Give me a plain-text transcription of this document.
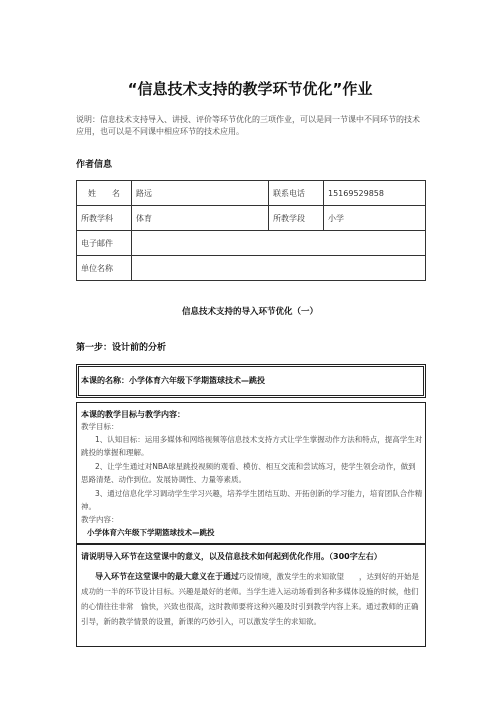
“信息技术支持的教学环节优化”作业
说明：信息技术支持导入、讲授、评价等环节优化的三项作业，可以是同一节课中不同环节的技术应用，也可以是不同课中相应环节的技术应用。
作者信息
姓　　名	路远	联系电话	15169529858
所教学科	体育	所教学段	小学
电子邮件			
单位名称			
信息技术支持的导入环节优化（一）
第一步：设计前的分析
本课的名称：小学体育六年级下学期篮球技术—跳投
本课的教学目标与教学内容：
教学目标：
1、认知目标：运用多媒体和网络视频等信息技术支持方式让学生掌握动作方法和特点，提高学生对跳投的掌握和理解。
2、让学生通过对NBA球星跳投视频的观看、模仿、相互交流和尝试练习，使学生领会动作，做到思路清楚、动作到位。发展协调性、力量等素质。
3、通过信息化学习调动学生学习兴趣，培养学生团结互助、开拓创新的学习能力，培育团队合作精神。
教学内容：
小学体育六年级下学期篮球技术—跳投
请说明导入环节在这堂课中的意义，以及信息技术如何起到优化作用。（300字左右）
导入环节在这堂课中的最大意义在于通过巧设情境，激发学生的求知欲望　　，达到好的开始是成功的一半的环节设计目标。兴趣是最好的老师。当学生进入运动场看到各种多媒体设施的时候，他们的心情往往非常　愉快，兴致也很高，这时教师要将这种兴趣及时引到教学内容上来。通过教师的正确引导，新的教学情景的设置，新课的巧妙引入，可以激发学生的求知欲。
